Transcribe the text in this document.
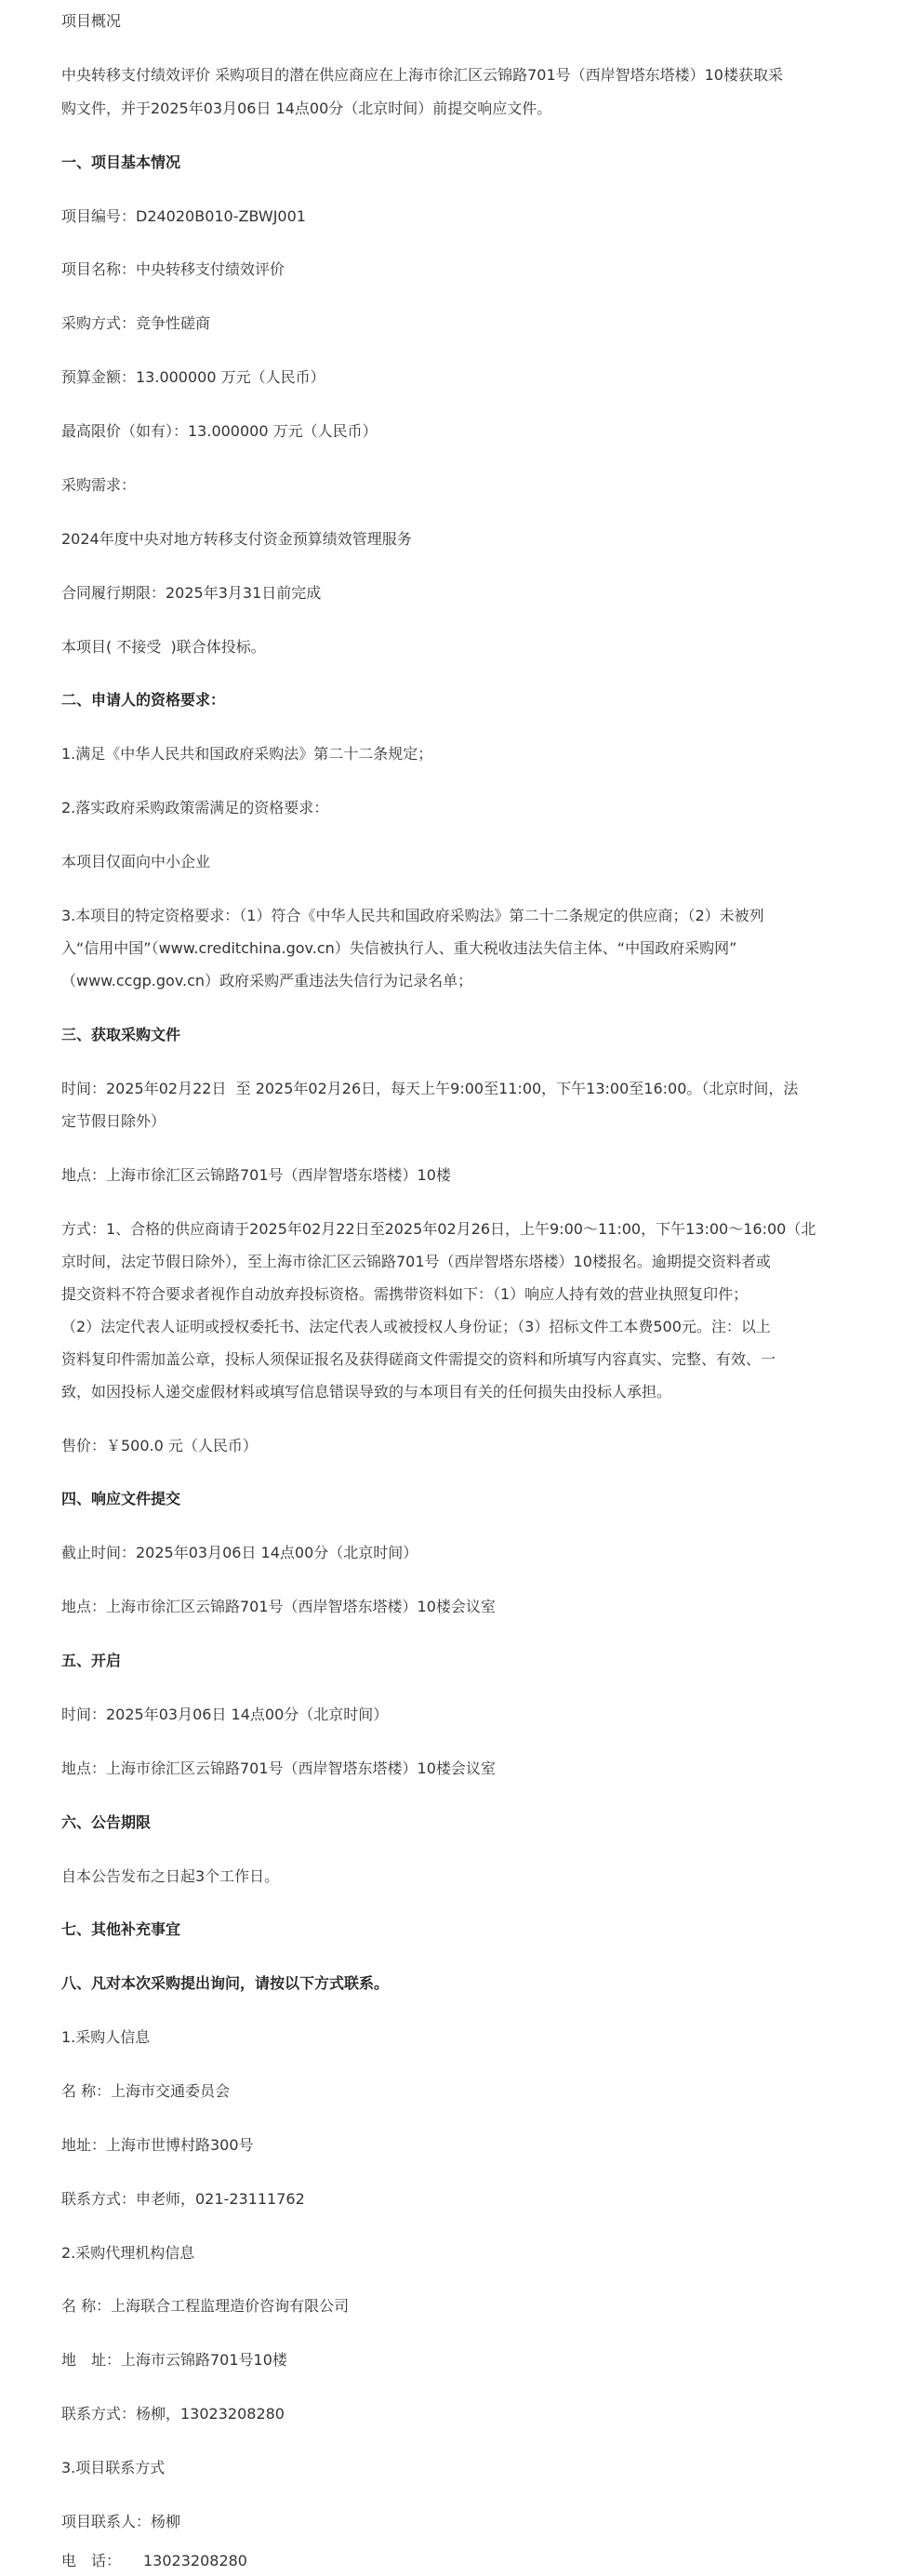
项目概况

中央转移支付绩效评价 采购项目的潜在供应商应在上海市徐汇区云锦路701号（西岸智塔东塔楼）10楼获取采

购文件，并于2025年03月06日 14点00分（北京时间）前提交响应文件。

一、项目基本情况

项目编号：D24020B010-ZBWJ001

项目名称：中央转移支付绩效评价

采购方式：竞争性磋商

预算金额：13.000000 万元（人民币）

最高限价（如有）：13.000000 万元（人民币）

采购需求：

2024年度中央对地方转移支付资金预算绩效管理服务

合同履行期限：2025年3月31日前完成

本项目( 不接受  )联合体投标。

二、申请人的资格要求：

1.满足《中华人民共和国政府采购法》第二十二条规定；

2.落实政府采购政策需满足的资格要求：

本项目仅面向中小企业

3.本项目的特定资格要求：（1）符合《中华人民共和国政府采购法》第二十二条规定的供应商；（2）未被列

入“信用中国”（www.creditchina.gov.cn）失信被执行人、重大税收违法失信主体、“中国政府采购网”

（www.ccgp.gov.cn）政府采购严重违法失信行为记录名单；

三、获取采购文件

时间：2025年02月22日  至 2025年02月26日，每天上午9:00至11:00，下午13:00至16:00。（北京时间，法

定节假日除外）

地点：上海市徐汇区云锦路701号（西岸智塔东塔楼）10楼

方式：1、合格的供应商请于2025年02月22日至2025年02月26日，上午9:00～11:00，下午13:00～16:00（北

京时间，法定节假日除外），至上海市徐汇区云锦路701号（西岸智塔东塔楼）10楼报名。逾期提交资料者或

提交资料不符合要求者视作自动放弃投标资格。需携带资料如下：（1）响应人持有效的营业执照复印件；

（2）法定代表人证明或授权委托书、法定代表人或被授权人身份证；（3）招标文件工本费500元。注：以上

资料复印件需加盖公章，投标人须保证报名及获得磋商文件需提交的资料和所填写内容真实、完整、有效、一

致，如因投标人递交虚假材料或填写信息错误导致的与本项目有关的任何损失由投标人承担。

售价：￥500.0 元（人民币）

四、响应文件提交

截止时间：2025年03月06日 14点00分（北京时间）

地点：上海市徐汇区云锦路701号（西岸智塔东塔楼）10楼会议室

五、开启

时间：2025年03月06日 14点00分（北京时间）

地点：上海市徐汇区云锦路701号（西岸智塔东塔楼）10楼会议室

六、公告期限

自本公告发布之日起3个工作日。

七、其他补充事宜

八、凡对本次采购提出询问，请按以下方式联系。

1.采购人信息

名 称：上海市交通委员会

地址：上海市世博村路300号

联系方式：申老师，021-23111762

2.采购代理机构信息

名 称：上海联合工程监理造价咨询有限公司

地　址：上海市云锦路701号10楼

联系方式：杨柳，13023208280

3.项目联系方式

项目联系人：杨柳

电　话：　　13023208280
